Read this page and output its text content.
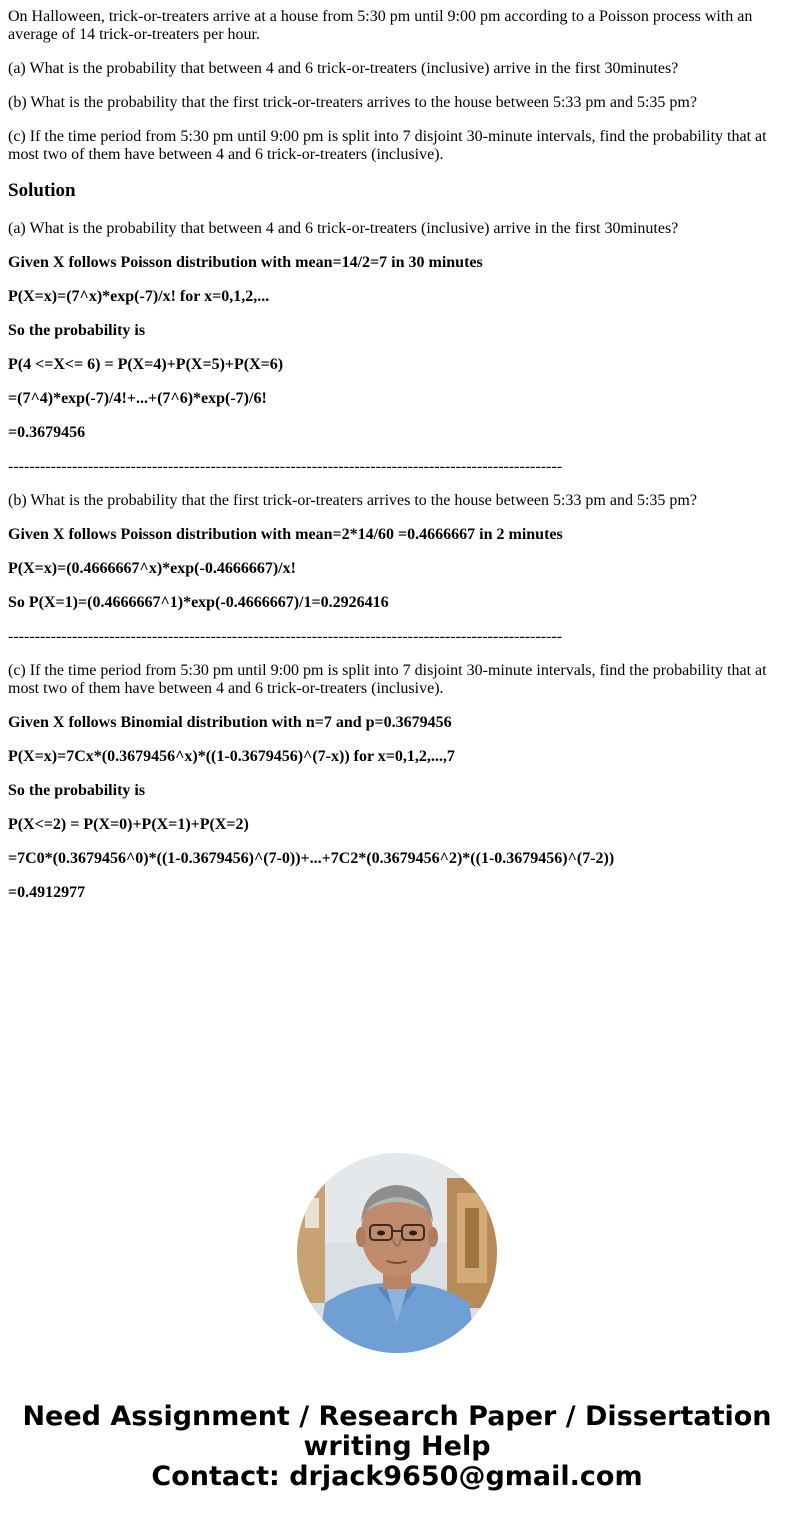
On Halloween, trick-or-treaters arrive at a house from 5:30 pm until 9:00 pm according to a Poisson process with an average of 14 trick-or-treaters per hour.

(a) What is the probability that between 4 and 6 trick-or-treaters (inclusive) arrive in the first 30minutes?

(b) What is the probability that the first trick-or-treaters arrives to the house between 5:33 pm and 5:35 pm?

(c) If the time period from 5:30 pm until 9:00 pm is split into 7 disjoint 30-minute intervals, find the probability that at most two of them have between 4 and 6 trick-or-treaters (inclusive).

Solution

(a) What is the probability that between 4 and 6 trick-or-treaters (inclusive) arrive in the first 30minutes?

Given X follows Poisson distribution with mean=14/2=7 in 30 minutes

P(X=x)=(7^x)*exp(-7)/x! for x=0,1,2,...

So the probability is

P(4 <=X<= 6) = P(X=4)+P(X=5)+P(X=6)

=(7^4)*exp(-7)/4!+...+(7^6)*exp(-7)/6!

=0.3679456

--------------------------------------------------------------------------------------------------------

(b) What is the probability that the first trick-or-treaters arrives to the house between 5:33 pm and 5:35 pm?

Given X follows Poisson distribution with mean=2*14/60 =0.4666667 in 2 minutes

P(X=x)=(0.4666667^x)*exp(-0.4666667)/x!

So P(X=1)=(0.4666667^1)*exp(-0.4666667)/1=0.2926416

--------------------------------------------------------------------------------------------------------

(c) If the time period from 5:30 pm until 9:00 pm is split into 7 disjoint 30-minute intervals, find the probability that at most two of them have between 4 and 6 trick-or-treaters (inclusive).

Given X follows Binomial distribution with n=7 and p=0.3679456

P(X=x)=7Cx*(0.3679456^x)*((1-0.3679456)^(7-x)) for x=0,1,2,...,7

So the probability is

P(X<=2) = P(X=0)+P(X=1)+P(X=2)

=7C0*(0.3679456^0)*((1-0.3679456)^(7-0))+...+7C2*(0.3679456^2)*((1-0.3679456)^(7-2))

=0.4912977

Need Assignment / Research Paper / Dissertation
writing Help
Contact: drjack9650@gmail.com
